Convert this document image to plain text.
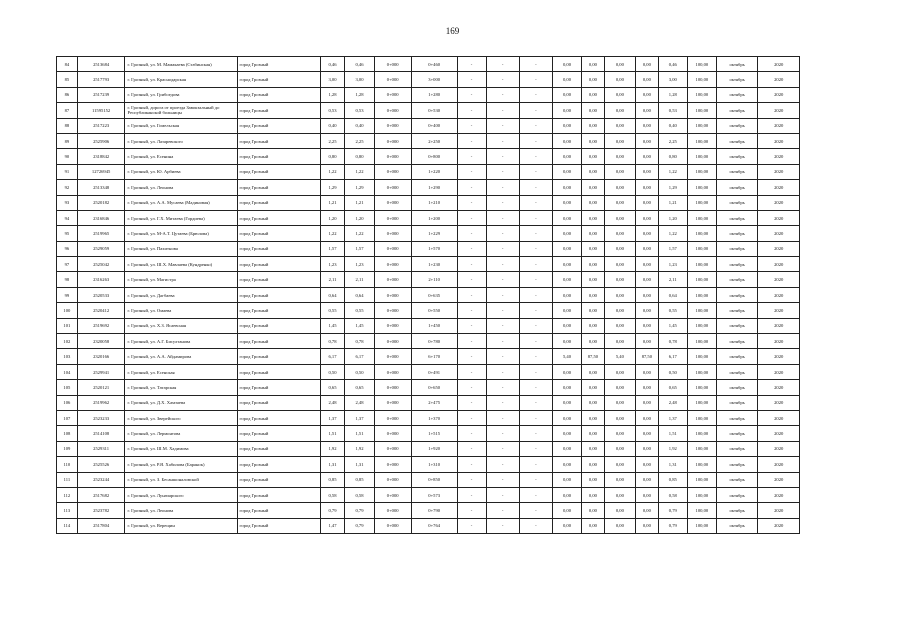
169
84	2513684	г. Грозный, ул. М. Мамакаева (Стабинская)	город Грозный	0,46	0,46	0+000	0+460	-	-	-	0,00	0,00	0,00	0,00	0,46	100,00	октябрь	2020
85	2517793	г. Грозный, ул. Краснодарская	город Грозный	3,00	3,00	0+000	3+000	-	-	-	0,00	0,00	0,00	0,00	3,00	100,00	октябрь	2020
86	2517239	г. Грозный, ул. Грибоедова	город Грозный	1,28	1,28	0+000	1+280	-	-	-	0,00	0,00	0,00	0,00	1,28	100,00	октябрь	2020
87	11595152	г. Грозный, дорога от проезда Завокзальный до Республиканской больницы	город Грозный	0,53	0,53	0+000	0+530	-	-	-	0,00	0,00	0,00	0,00	0,53	100,00	октябрь	2020
88	2517223	г. Грозный, ул. Гомельская	город Грозный	0,40	0,40	0+000	0+400	-	-	-	0,00	0,00	0,00	0,00	0,40	100,00	октябрь	2020
89	2525906	г. Грозный, ул. Лазаревского	город Грозный	2,25	2,25	0+000	2+250	-	-	-	0,00	0,00	0,00	0,00	2,25	100,00	октябрь	2020
90	2318842	г. Грозный, ул. Есенина	город Грозный	0,80	0,80	0+000	0+800	-	-	-	0,00	0,00	0,00	0,00	0,80	100,00	октябрь	2020
91	12726945	г. Грозный, ул. Ю. Арбиева	город Грозный	1,22	1,22	0+000	1+220	-	-	-	0,00	0,00	0,00	0,00	1,22	100,00	октябрь	2020
92	2513348	г. Грозный, ул. Леонова	город Грозный	1,29	1,29	0+000	1+290	-	-	-	0,00	0,00	0,00	0,00	1,29	100,00	октябрь	2020
93	2520182	г. Грозный, ул. А.А. Мусаева (Мадиновая)	город Грозный	1,21	1,21	0+000	1+210	-	-	-	0,00	0,00	0,00	0,00	1,21	100,00	октябрь	2020
94	2316846	г. Грозный, ул. Г.Х. Митаева (Гордиева)	город Грозный	1,20	1,20	0+000	1+200	-	-	-	0,00	0,00	0,00	0,00	1,20	100,00	октябрь	2020
95	2519965	г. Грозный, ул. М-А.Т. Цутаева (Брюлова)	город Грозный	1,22	1,22	0+000	1+229	-	-	-	0,00	0,00	0,00	0,00	1,22	100,00	октябрь	2020
96	2529059	г. Грозный, ул. Пахитнова	город Грозный	1,57	1,57	0+000	1+570	-	-	-	0,00	0,00	0,00	0,00	1,57	100,00	октябрь	2020
97	2525042	г. Грозный, ул. Ш.Х. Мавлаева (Кундренко)	город Грозный	1,23	1,23	0+000	1+230	-	-	-	0,00	0,00	0,00	0,00	1,23	100,00	октябрь	2020
98	2316263	г. Грозный, ул. Магистра	город Грозный	2,11	2,11	0+000	2+110	-	-	-	0,00	0,00	0,00	0,00	2,11	100,00	октябрь	2020
99	2520533	г. Грозный, ул. Дагбаева	город Грозный	0,64	0,64	0+000	0+635	-	-	-	0,00	0,00	0,00	0,00	0,64	100,00	октябрь	2020
100	2520412	г. Грозный, ул. Омаева	город Грозный	0,55	0,55	0+000	0+550	-	-	-	0,00	0,00	0,00	0,00	0,55	100,00	октябрь	2020
101	2519692	г. Грозный, ул. Х.З. Ясаевсная	город Грозный	1,45	1,45	0+000	1+450	-	-	-	0,00	0,00	0,00	0,00	1,45	100,00	октябрь	2020
102	2320058	г. Грозный, ул. А.Г. Бисултанова	город Грозный	0,78	0,78	0+000	0+780	-	-	-	0,00	0,00	0,00	0,00	0,78	100,00	октябрь	2020
103	2320166	г. Грозный, ул. А.А. Айдамирова	город Грозный	6,17	6,17	0+000	6+170	-	-	-	5,40	87,50	5,40	87,50	6,17	100,00	октябрь	2020
104	2529941	г. Грозный, ул. Есенская	город Грозный	0,50	0,50	0+000	0+491	-	-	-	0,00	0,00	0,00	0,00	0,50	100,00	октябрь	2020
105	2520121	г. Грозный, ул. Татарская	город Грозный	0,65	0,65	0+000	0+650	-	-	-	0,00	0,00	0,00	0,00	0,65	100,00	октябрь	2020
106	2519962	г. Грозный, ул. Д.Х. Хамзаева	город Грозный	2,48	2,48	0+000	2+475	-	-	-	0,00	0,00	0,00	0,00	2,48	100,00	октябрь	2020
107	2523233	г. Грозный, ул. Зверейского	город Грозный	1,37	1,37	0+000	1+370	-	-	-	0,00	0,00	0,00	0,00	1,37	100,00	октябрь	2020
108	2514108	г. Грозный, ул. Лермонтова	город Грозный	1,51	1,51	0+000	1+515	-	-	-	0,00	0,00	0,00	0,00	1,51	100,00	октябрь	2020
109	2529311	г. Грозный, ул. Ш.М. Хадимова	город Грозный	1,92	1,92	0+000	1+920	-	-	-	0,00	0,00	0,00	0,00	1,92	100,00	октябрь	2020
110	2525526	г. Грозный, ул. Р.Я. Хабилова (Баранок)	город Грозный	1,31	1,31	0+000	1+310	-	-	-	0,00	0,00	0,00	0,00	1,31	100,00	октябрь	2020
111	2523244	г. Грозный, ул. З. Бесаншоналовской	город Грозный	0,85	0,85	0+000	0+850	-	-	-	0,00	0,00	0,00	0,00	0,85	100,00	октябрь	2020
112	2517682	г. Грозный, ул. Луначарского	город Грозный	0,58	0,58	0+000	0+573	-	-	-	0,00	0,00	0,00	0,00	0,58	100,00	октябрь	2020
113	2523782	г. Грозный, ул. Леонова	город Грозный	0,79	0,79	0+000	0+790	-	-	-	0,00	0,00	0,00	0,00	0,79	100,00	октябрь	2020
114	2517804	г. Грозный, ул. Верещин	город Грозный	1,47	0,79	0+000	0+764	-	-	-	0,00	0,00	0,00	0,00	0,79	100,00	октябрь	2020
